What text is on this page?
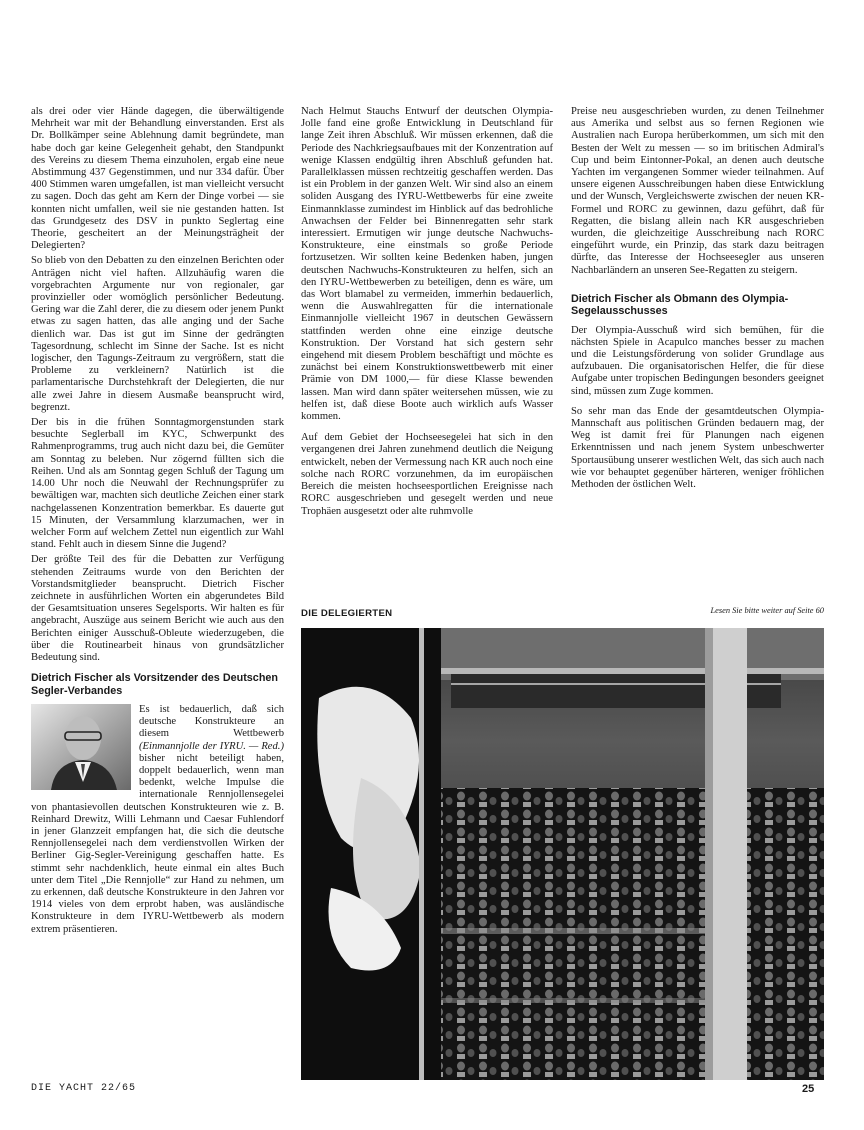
als drei oder vier Hände dagegen, die überwältigende Mehrheit war mit der Behandlung einverstanden. Erst als Dr. Bollkämper seine Ablehnung damit begründete, man habe doch gar keine Gelegenheit gehabt, den Standpunkt des Vereins zu diesem Thema einzuholen, ergab eine neue Abstimmung 437 Gegenstimmen, und nur 334 dafür. Über 400 Stimmen waren umgefallen, ist man vielleicht versucht zu sagen. Doch das geht am Kern der Dinge vorbei — sie konnten nicht umfallen, weil sie nie gestanden hatten. Ist das Grundgesetz des DSV in punkto Seglertag eine Theorie, gescheitert an der Meinungsträgheit der Delegierten?

So blieb von den Debatten zu den einzelnen Berichten oder Anträgen nicht viel haften. Allzuhäufig waren die vorgebrachten Argumente nur von regionaler, gar provinzieller oder womöglich persönlicher Bedeutung. Gering war die Zahl derer, die zu diesem oder jenem Punkt etwas zu sagen hatten, das alle anging und der Sache dienlich war. Das ist gut im Sinne der gedrängten Tagesordnung, schlecht im Sinne der Sache. Ist es nicht logischer, den Tagungs-Zeitraum zu vergrößern, statt die Probleme zu verkleinern? Natürlich ist die parlamentarische Durchstehkraft der Delegierten, die nur alle zwei Jahre in diesem Ausmaße beansprucht wird, begrenzt.

Der bis in die frühen Sonntagmorgenstunden stark besuchte Seglerball im KYC, Schwerpunkt des Rahmenprogramms, trug auch nicht dazu bei, die Gemüter am Sonntag zu beleben. Nur zögernd füllten sich die Reihen. Und als am Sonntag gegen Schluß der Tagung um 14.00 Uhr noch die Neuwahl der Rechnungsprüfer zu bewältigen war, machten sich deutliche Zeichen einer stark nachgelassenen Konzentration bemerkbar. Es dauerte gut 15 Minuten, der Versammlung klarzumachen, wer in welcher Form auf welchem Zettel nun eigentlich zur Wahl stand. Fehlt auch in diesem Sinne die Jugend?

Der größte Teil des für die Debatten zur Verfügung stehenden Zeitraums wurde von den Berichten der Vorstandsmitglieder beansprucht. Dietrich Fischer zeichnete in ausführlichen Worten ein abgerundetes Bild der Gesamtsituation unseres Segelsports. Wir halten es für angebracht, Auszüge aus seinem Bericht wie auch aus den Berichten einiger Ausschuß-Obleute wiederzugeben, die über die Routinearbeit hinaus von grundsätzlicher Bedeutung sind.

Dietrich Fischer als Vorsitzender des Deutschen Segler-Verbandes

Es ist bedauerlich, daß sich deutsche Konstrukteure an diesem Wettbewerb (Einmannjolle der IYRU. — Red.) bisher nicht beteiligt haben, doppelt bedauerlich, wenn man bedenkt, welche Impulse die internationale Rennjollensegelei von phantasievollen deutschen Konstrukteuren wie z. B. Reinhard Drewitz, Willi Lehmann und Caesar Fuhlendorf in jener Glanzzeit empfangen hat, die sich die deutsche Rennjollensegelei nach dem verdienstvollen Wirken der Berliner Gig-Segler-Vereinigung geschaffen hatte. Es stimmt sehr nachdenklich, heute einmal ein altes Buch unter dem Titel „Die Rennjolle“ zur Hand zu nehmen, um zu erkennen, daß deutsche Konstrukteure in den Jahren vor 1914 vieles von dem erprobt haben, was ausländische Konstrukteure in dem IYRU-Wettbewerb als modern extrem präsentieren.

Nach Helmut Stauchs Entwurf der deutschen Olympia-Jolle fand eine große Entwicklung in Deutschland für lange Zeit ihren Abschluß. Wir müssen erkennen, daß die Periode des Nachkriegsaufbaues mit der Konzentration auf wenige Klassen endgültig ihren Abschluß gefunden hat. Parallelklassen müssen rechtzeitig geschaffen werden. Das ist ein Problem in der ganzen Welt. Wir sind also an einem soliden Ausgang des IYRU-Wettbewerbs für eine zweite Einmannklasse zumindest im Hinblick auf das bedrohliche Anwachsen der Felder bei Binnenregatten sehr stark interessiert. Ermutigen wir junge deutsche Nachwuchs-Konstrukteure, eine einstmals so große Periode fortzusetzen. Wir sollten keine Bedenken haben, jungen deutschen Nachwuchs-Konstrukteuren zu helfen, sich an den IYRU-Wettbewerben zu beteiligen, denn es wäre, um das Wort blamabel zu vermeiden, immerhin bedauerlich, wenn die Auswahlregatten für die internationale Einmannjolle vielleicht 1967 in deutschen Gewässern stattfinden werden ohne eine einzige deutsche Konstruktion. Der Vorstand hat sich gestern sehr eingehend mit diesem Problem beschäftigt und möchte es zunächst bei einem Konstruktionswettbewerb mit einer Prämie von DM 1000,— für diese Klasse bewenden lassen. Man wird dann später weitersehen müssen, wie zu helfen ist, daß diese Boote auch wirklich aufs Wasser kommen.

Auf dem Gebiet der Hochseesegelei hat sich in den vergangenen drei Jahren zunehmend deutlich die Neigung entwickelt, neben der Vermessung nach KR auch noch eine solche nach RORC vorzunehmen, da im europäischen Bereich die meisten hochseesportlichen Ereignisse nach RORC ausgeschrieben und gesegelt werden und neue Trophäen ausgesetzt oder alte ruhmvolle

Preise neu ausgeschrieben wurden, zu denen Teilnehmer aus Amerika und selbst aus so fernen Regionen wie Australien nach Europa herüberkommen, um sich mit den Besten der Welt zu messen — so im britischen Admiral's Cup und beim Eintonner-Pokal, an denen auch deutsche Yachten im vergangenen Sommer wieder teilnahmen. Auf unsere eigenen Ausschreibungen haben diese Entwicklung und der Wunsch, Vergleichswerte zwischen der neuen KR-Formel und RORC zu gewinnen, dazu geführt, daß für Regatten, die bislang allein nach KR ausgeschrieben wurden, die gleichzeitige Ausschreibung nach RORC eingeführt wurde, ein Prinzip, das stark dazu beitragen dürfte, das Interesse der Hochseesegler aus unseren Nachbarländern an unseren See-Regatten zu steigern.

Dietrich Fischer als Obmann des Olympia-Segelausschusses

Der Olympia-Ausschuß wird sich bemühen, für die nächsten Spiele in Acapulco manches besser zu machen und die Leistungsförderung von solider Grundlage aus aufzubauen. Die organisatorischen Helfer, die für diese Aufgabe unter tropischen Bedingungen besonders geeignet sind, müssen zum Zuge kommen.

So sehr man das Ende der gesamtdeutschen Olympia-Mannschaft aus politischen Gründen bedauern mag, der Weg ist damit frei für Planungen nach eigenen Erkenntnissen und nach jenem System unbeschwerter Sportausübung unserer westlichen Welt, das sich auch nach wie vor behauptet gegenüber härteren, weniger fröhlichen Methoden der östlichen Welt.

Lesen Sie bitte weiter auf Seite 60
DIE DELEGIERTEN
DIE YACHT 22/65	25
